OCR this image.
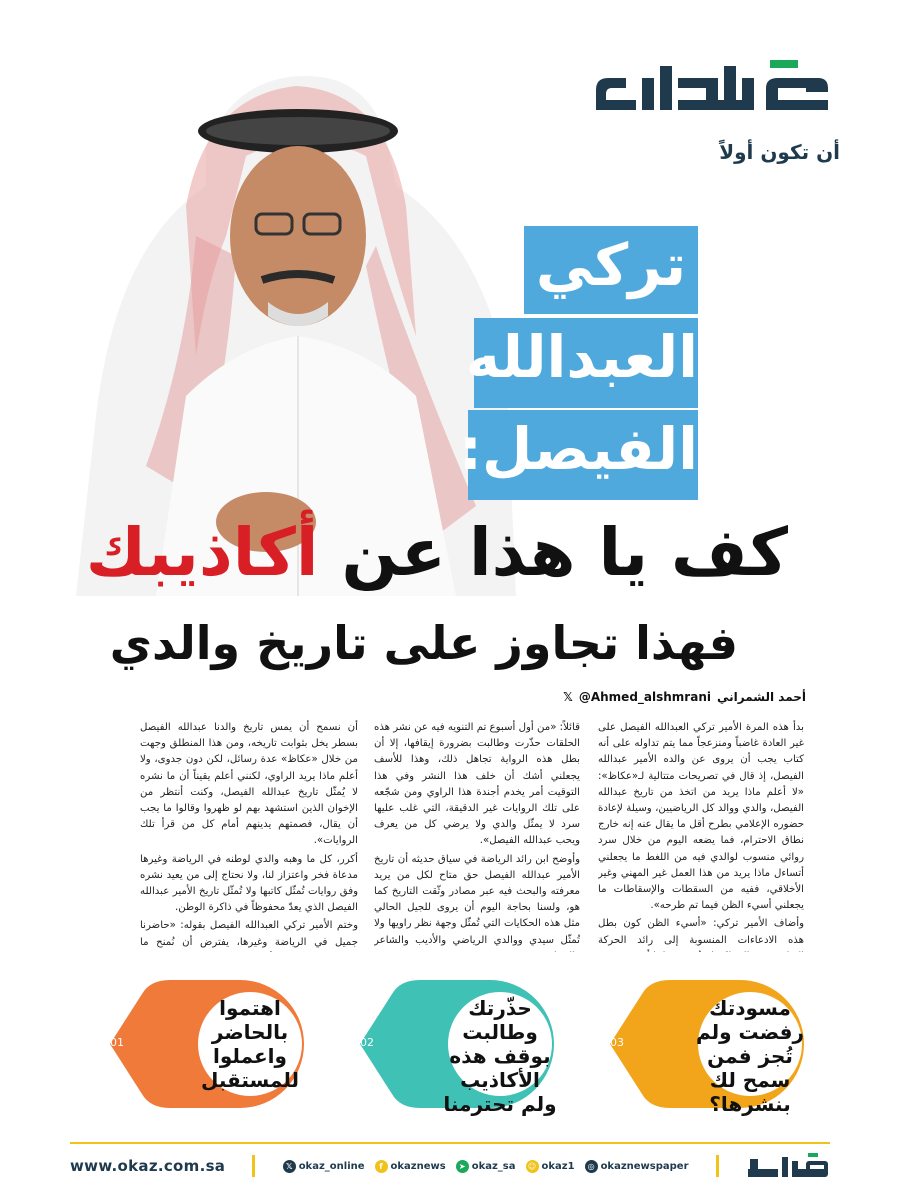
أن تكون أولاً
تركي
العبدالله
الفيصل:
كف يا هذا عن أكاذيبك
فهذا تجاوز على تاريخ والدي
أحمد الشمراني
@Ahmed_alshmrani
𝕏

بدأ هذه المرة الأمير تركي العبدالله الفيصل على غير العادة غاضباً ومنزعجاً مما يتم تداوله على أنه كتاب يجب أن يروى عن والده الأمير عبدالله الفيصل، إذ قال في تصريحات متتالية لـ«عكاظ»: «لا أعلم ماذا يريد من اتخذ من تاريخ عبدالله الفيصل، والدي ووالد كل الرياضيين، وسيلة لإعادة حضوره الإعلامي بطرح أقل ما يقال عنه إنه خارج نطاق الاحترام، فما يضعه اليوم من خلال سرد روائي منسوب لوالدي فيه من اللغط ما يجعلني أتساءل ماذا يريد من هذا العمل غير المهني وغير الأخلاقي، ففيه من السقطات والإسقاطات ما يجعلني أسيء الظن فيما تم طرحه».

وأضاف الأمير تركي: «أسيء الظن كون بطل هذه الادعاءات المنسوبة إلى رائد الحركة

قائلاً: «من أول أسبوع تم التنويه فيه عن نشر هذه الحلقات حذّرت وطالبت بضرورة إيقافها، إلا أن بطل هذه الرواية تجاهل ذلك، وهذا للأسف يجعلني أشك أن خلف هذا النشر وفي هذا التوقيت أمر يخدم أجندة هذا الراوي ومن شجّعه على تلك الروايات غير الدقيقة، التي غلب عليها سرد لا يمثّل والدي ولا يرضي كل من يعرف ويحب عبدالله الفيصل».

وأوضح ابن رائد الرياضة في سياق حديثه أن تاريخ الأمير عبدالله الفيصل حق متاح لكل من يريد معرفته والبحث فيه عبر مصادر وثّقت التاريخ كما هو، ولسنا بحاجة اليوم أن يروى للجيل الحالي مثل هذه الحكايات التي تُمثّل وجهة نظر راويها ولا تُمثّل سيدي ووالدي الرياضي والأديب والشاعر

أن نسمح أن يمس تاريخ والدنا عبدالله الفيصل بسطر يخل بثوابت تاريخه، ومن هذا المنطلق وجهت من خلال «عكاظ» عدة رسائل، لكن دون جدوى، ولا أعلم ماذا يريد الراوي، لكنني أعلم يقيناً أن ما نشره لا يُمثّل تاريخ عبدالله الفيصل، وكنت أنتظر من الإخوان الذين استشهد بهم لو ظهروا وقالوا ما يجب أن يقال، فصمتهم يدينهم أمام كل من قرأ تلك الروايات».

أكرر، كل ما وهبه والدي لوطنه في الرياضة وغيرها مدعاة فخر واعتزاز لنا، ولا نحتاج إلى من يعيد نشره وفق روايات تُمثّل كاتبها ولا تُمثّل تاريخ الأمير عبدالله الفيصل الذي يعدّ محفوظاً في ذاكرة الوطن.

وختم الأمير تركي العبدالله الفيصل بقوله: «حاضرنا جميل في الرياضة وغيرها، يفترض أن نُمنح ما

03
مسودتك رفضت ولم تُجز فمن سمح لك بنشرها؟
02
حذّرتك وطالبت بوقف هذه الأكاذيب ولم تحترمنا
01
اهتموا بالحاضر واعملوا للمستقبل
www.okaz.com.sa	𝕏 okaz_online	f okaznews	➤ okaz_sa ☺ okaz1	◎ okaznewspaper
